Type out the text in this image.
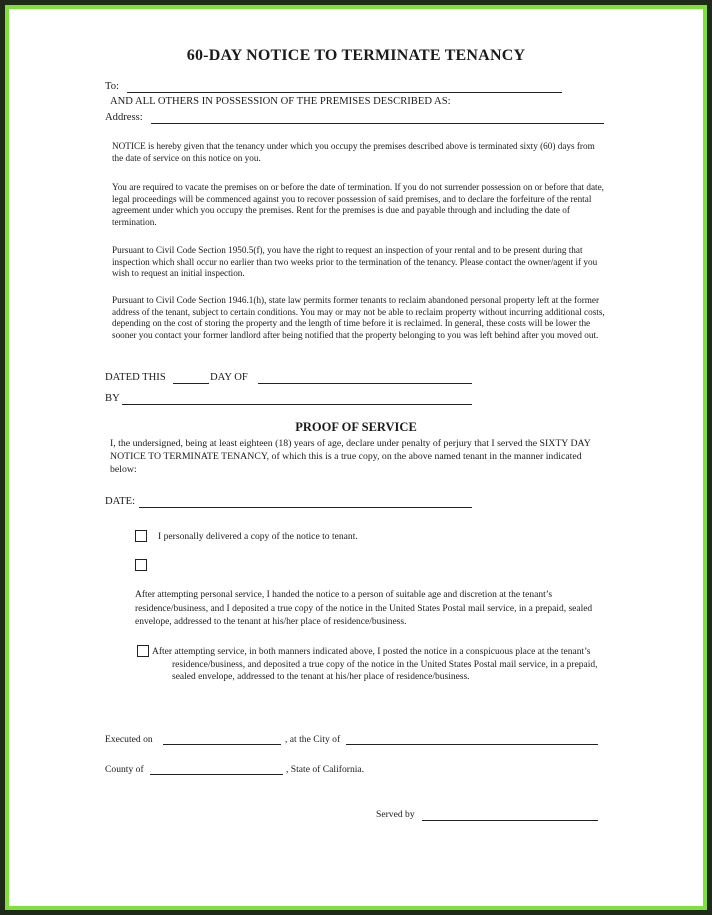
60-DAY NOTICE TO TERMINATE TENANCY
To:
AND ALL OTHERS IN POSSESSION OF THE PREMISES DESCRIBED AS:
Address:
NOTICE is hereby given that the tenancy under which you occupy the premises described above is terminated sixty (60) days from the date of service on this notice on you.
You are required to vacate the premises on or before the date of termination. If you do not surrender possession on or before that date, legal proceedings will be commenced against you to recover possession of said premises, and to declare the forfeiture of the rental agreement under which you occupy the premises. Rent for the premises is due and payable through and including the date of termination.
Pursuant to Civil Code Section 1950.5(f), you have the right to request an inspection of your rental and to be present during that inspection which shall occur no earlier than two weeks prior to the termination of the tenancy. Please contact the owner/agent if you wish to request an initial inspection.
Pursuant to Civil Code Section 1946.1(h), state law permits former tenants to reclaim abandoned personal property left at the former address of the tenant, subject to certain conditions. You may or may not be able to reclaim property without incurring additional costs, depending on the cost of storing the property and the length of time before it is reclaimed. In general, these costs will be lower the sooner you contact your former landlord after being notified that the property belonging to you was left behind after you moved out.
DATED THIS	DAY OF
BY
PROOF OF SERVICE
I, the undersigned, being at least eighteen (18) years of age, declare under penalty of perjury that I served the SIXTY DAY NOTICE TO TERMINATE TENANCY, of which this is a true copy, on the above named tenant in the manner indicated below:
DATE:
I personally delivered a copy of the notice to tenant.
After attempting personal service, I handed the notice to a person of suitable age and discretion at the tenant’s residence/business, and I deposited a true copy of the notice in the United States Postal mail service, in a prepaid, sealed envelope, addressed to the tenant at his/her place of residence/business.
After attempting service, in both manners indicated above, I posted the notice in a conspicuous place at the tenant’s residence/business, and deposited a true copy of the notice in the United States Postal mail service, in a prepaid, sealed envelope, addressed to the tenant at his/her place of residence/business.
Executed on	, at the City of
County of	, State of California.
Served by
